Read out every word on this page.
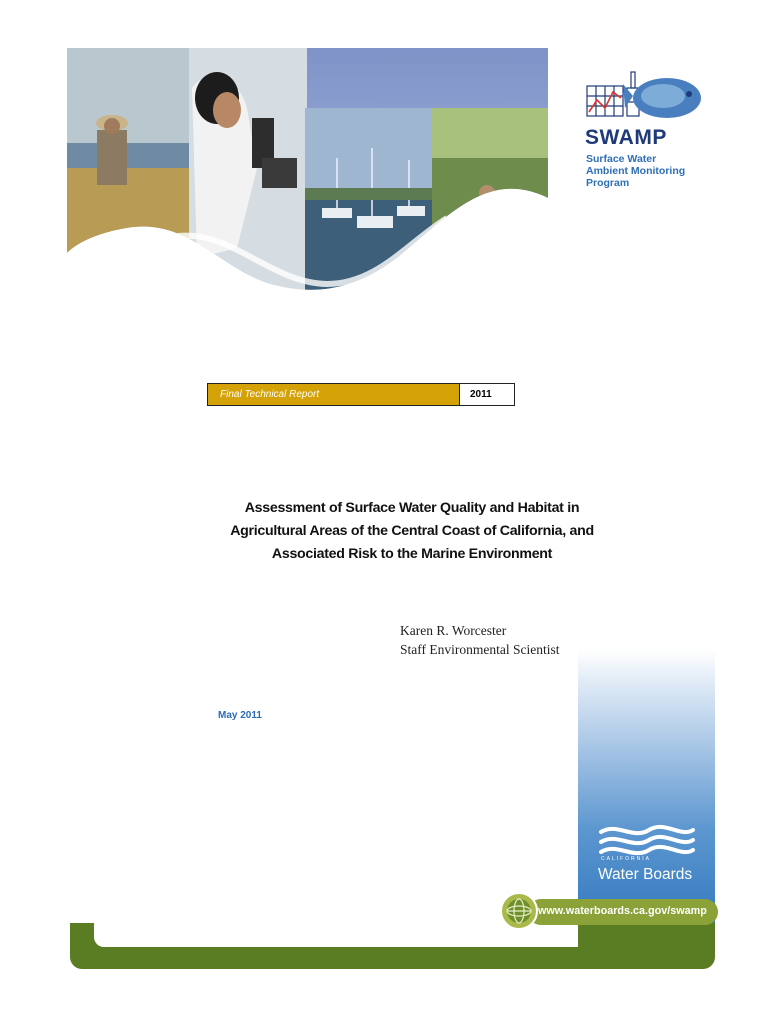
SWAMP
Surface Water
Ambient Monitoring
Program
Final Technical Report	2011
Assessment of Surface Water Quality and Habitat in
Agricultural Areas of the Central Coast of California, and
Associated Risk to the Marine Environment
Karen R. Worcester
Staff Environmental Scientist
May 2011
CALIFORNIA
Water Boards
www.waterboards.ca.gov/swamp
